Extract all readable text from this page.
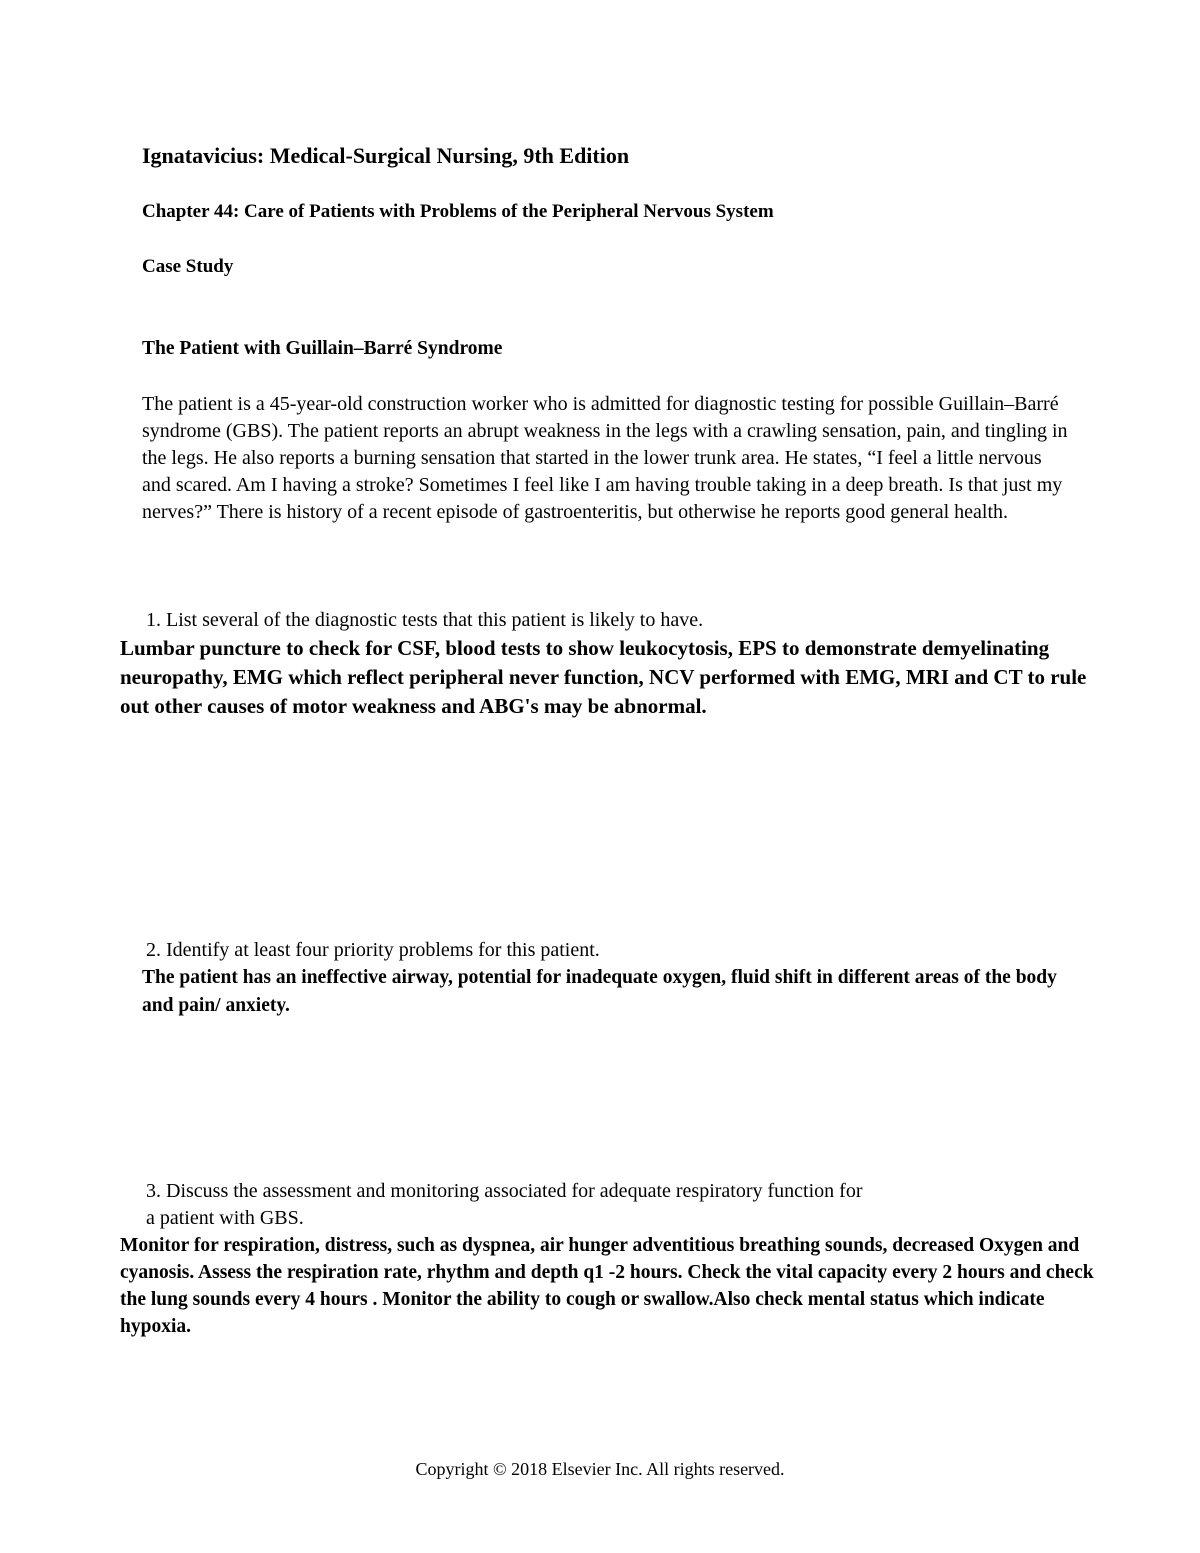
Ignatavicius: Medical-Surgical Nursing, 9th Edition
Chapter 44: Care of Patients with Problems of the Peripheral Nervous System
Case Study
The Patient with Guillain–Barré Syndrome

The patient is a 45-year-old construction worker who is admitted for diagnostic testing for possible Guillain–Barré syndrome (GBS). The patient reports an abrupt weakness in the legs with a crawling sensation, pain, and tingling in the legs. He also reports a burning sensation that started in the lower trunk area. He states, “I feel a little nervous and scared. Am I having a stroke? Sometimes I feel like I am having trouble taking in a deep breath. Is that just my nerves?” There is history of a recent episode of gastroenteritis, but otherwise he reports good general health.

1. List several of the diagnostic tests that this patient is likely to have.

Lumbar puncture to check for CSF, blood tests to show leukocytosis, EPS to demonstrate demyelinating neuropathy, EMG which reflect peripheral never function, NCV performed with EMG, MRI and CT to rule out other causes of motor weakness and ABG's may be abnormal.

2. Identify at least four priority problems for this patient.

The patient has an ineffective airway, potential for inadequate oxygen, fluid shift in different areas of the body and pain/ anxiety.

3. Discuss the assessment and monitoring associated for adequate respiratory function for
a patient with GBS.

Monitor for respiration, distress, such as dyspnea, air hunger adventitious breathing sounds, decreased Oxygen and cyanosis. Assess the respiration rate, rhythm and depth q1 -2 hours. Check the vital capacity every 2 hours and check the lung sounds every 4 hours . Monitor the ability to cough or swallow.Also check mental status which indicate hypoxia.

Copyright © 2018 Elsevier Inc. All rights reserved.
